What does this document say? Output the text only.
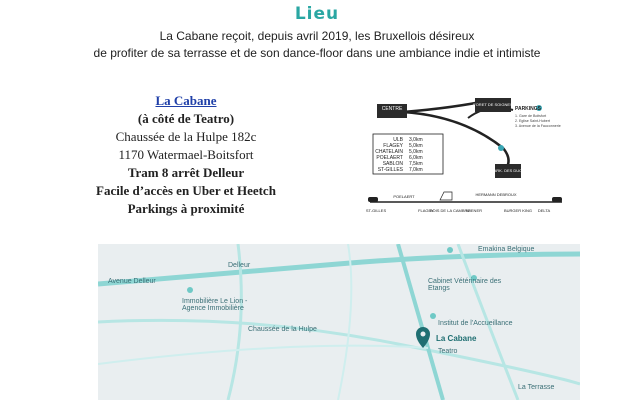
Lieu
La Cabane reçoit, depuis avril 2019, les Bruxellois désireux
de profiter de sa terrasse et de son dance-floor dans une ambiance indie et intimiste
La Cabane
(à côté de Teatro)
Chaussée de la Hulpe 182c
1170 Watermael-Boitsfort
Tram 8 arrêt Delleur
Facile d’accès en Uber et Heetch
Parkings à proximité
CENTRE
FORET DE SOIGNES
PARK. DES DUCS
PARKINGS
1. Gare de Boitsfort
2. Eglise Saint-Hubert
3. Avenue de la Fauconnerie
ULB 3,0km
FLAGEY 5,0km
CHATELAIN 5,0km
POELAERT 6,0km
SABLON 7,5km
ST-GILLES 7,0km
ST-GILLES
POELAERT
FLAGEY
BOIS DE LA CAMBRE
WIENER
HERMANN DEBROUX
BURGER KING DELTA
Delleur
Avenue Delleur
Immobilière Le Lion - Agence Immobilière
Emakina Belgique
Cabinet Vétérinaire des Etangs
Institut de l'Accueillance
La Cabane
Teatro
La Terrasse
Chaussée de la Hulpe
